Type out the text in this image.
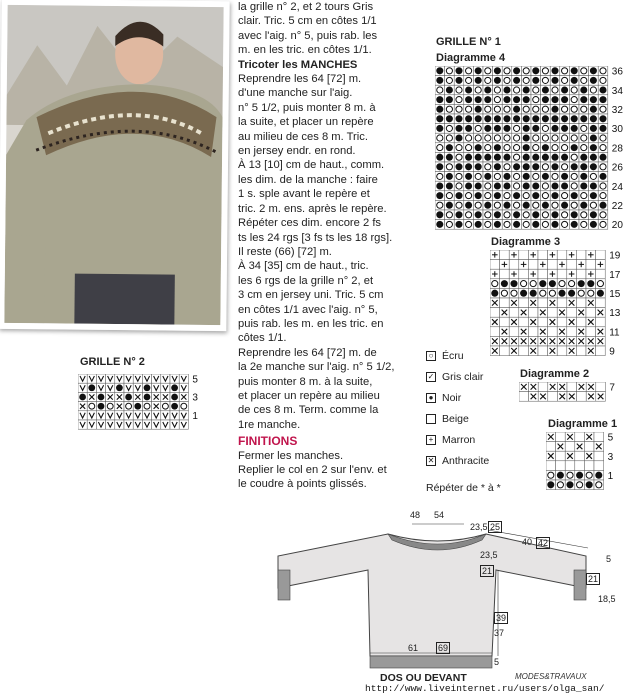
la grille n° 2, et 2 tours Gris

clair. Tric. 5 cm en côtes 1/1

avec l'aig. n° 5, puis rab. les

m. en les tric. en côtes 1/1.

Tricoter les MANCHES

Reprendre les 64 [72] m.

d'une manche sur l'aig.

n° 5 1/2, puis monter 8 m. à

la suite, et placer un repère

au milieu de ces 8 m. Tric.

en jersey endr. en rond.

À 13 [10] cm de haut., comm.

les dim. de la manche : faire

1 s. sple avant le repère et

tric. 2 m. ens. après le repère.

Répéter ces dim. encore 2 fs

ts les 24 rgs [3 fs ts les 18 rgs].

Il reste (66) [72] m.

À 34 [35] cm de haut., tric.

les 6 rgs de la grille n° 2, et

3 cm en jersey uni. Tric. 5 cm

en côtes 1/1 avec l'aig. n° 5,

puis rab. les m. en les tric. en

côtes 1/1.

Reprendre les 64 [72] m. de

la 2e manche sur l'aig. n° 5 1/2,

puis monter 8 m. à la suite,

et placer un repère au milieu

de ces 8 m. Term. comme la

1re manche.

FINITIONS

Fermer les manches.

Replier le col en 2 sur l'env. et

le coudre à points glissés.

GRILLE N° 1
Diagramme 4
36
34
32
30
28
26
24
22
20
Diagramme 3
19
17
15
13
11
9
Diagramme 2
7
Diagramme 1
5
3
1
GRILLE N° 2
5
3
1
○ Écru
✓ Gris clair
● Noir
Beige
+ Marron
✕ Anthracite
Répéter de * à *
48 54
23,5 25
40 42
5
23,5
21
21
18,5
39
37
61 69
5
DOS OU DEVANT	MODES&TRAVAUX
http://www.liveinternet.ru/users/olga_san/
